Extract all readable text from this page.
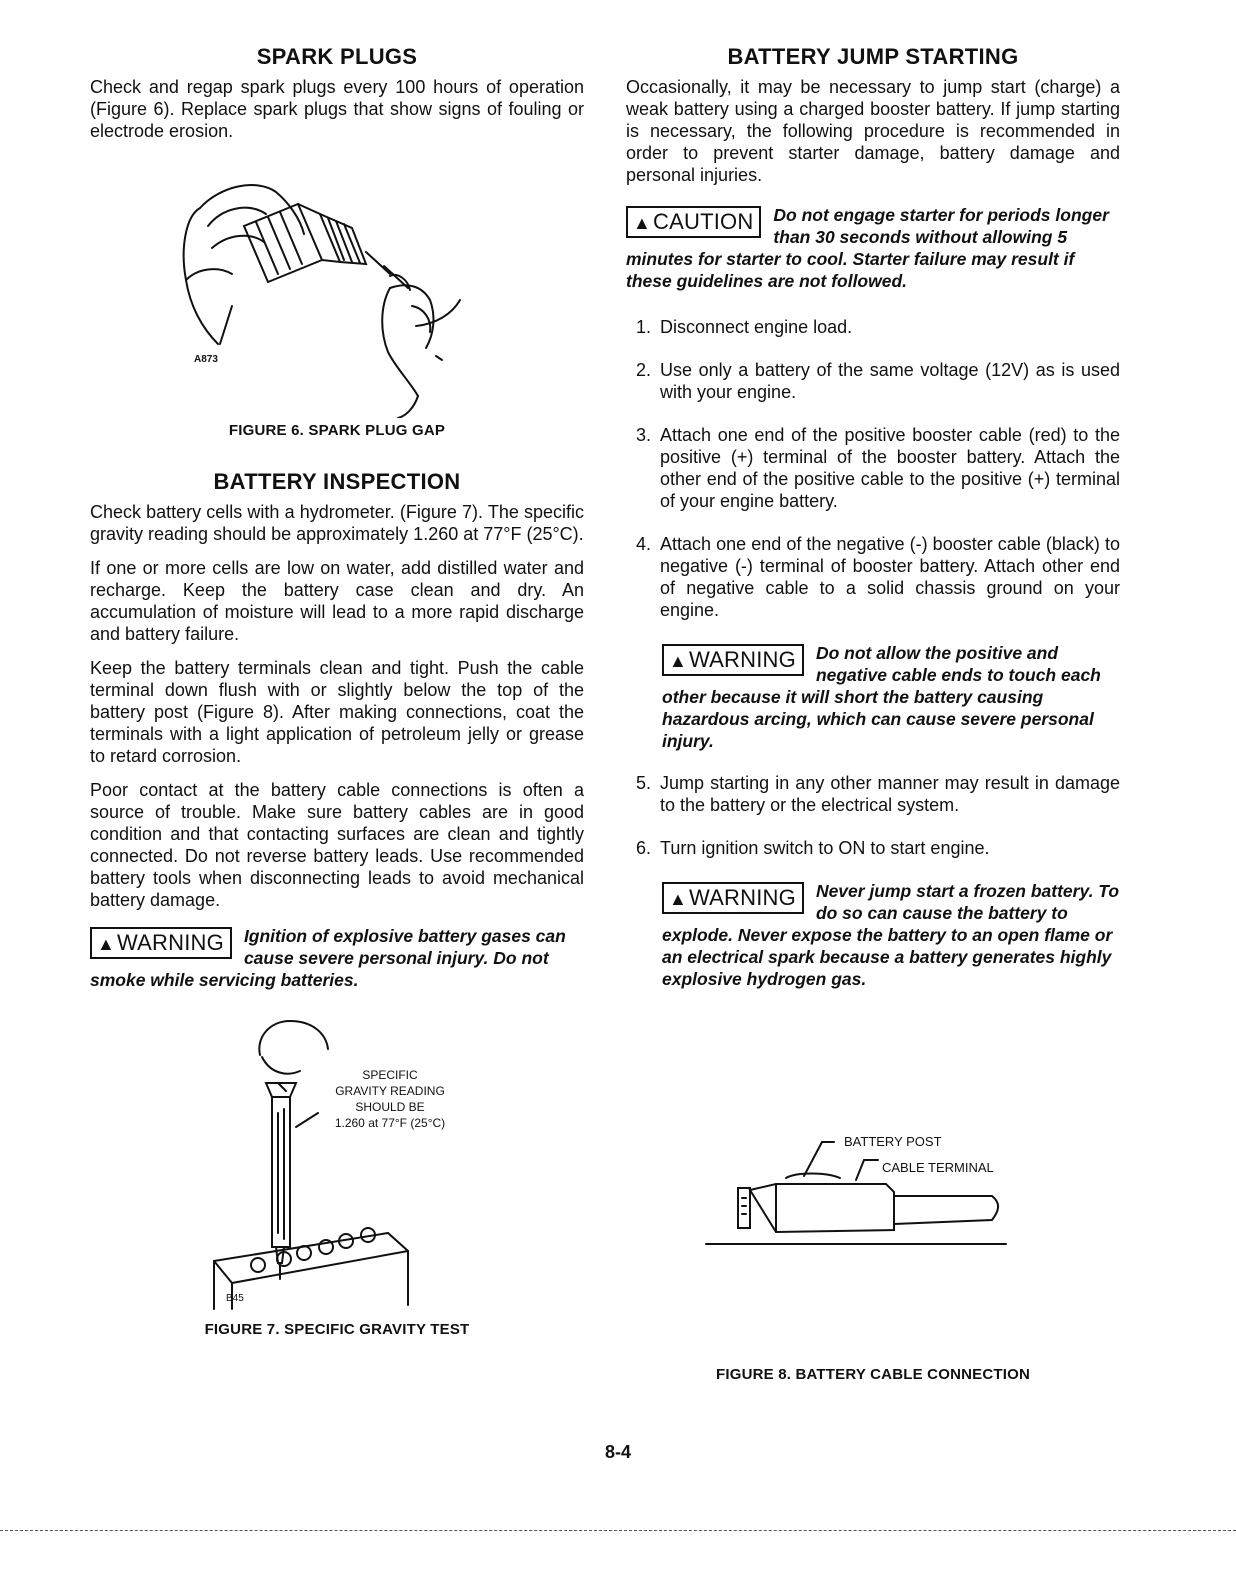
SPARK PLUGS

Check and regap spark plugs every 100 hours of operation (Figure 6). Replace spark plugs that show signs of fouling or electrode erosion.

A873
FIGURE 6. SPARK PLUG GAP
BATTERY INSPECTION

Check battery cells with a hydrometer. (Figure 7). The specific gravity reading should be approximately 1.260 at 77°F (25°C).

If one or more cells are low on water, add distilled water and recharge. Keep the battery case clean and dry. An accumulation of moisture will lead to a more rapid discharge and battery failure.

Keep the battery terminals clean and tight. Push the cable terminal down flush with or slightly below the top of the battery post (Figure 8). After making connections, coat the terminals with a light application of petroleum jelly or grease to retard corrosion.

Poor contact at the battery cable connections is often a source of trouble. Make sure battery cables are in good condition and that contacting surfaces are clean and tightly connected. Do not reverse battery leads. Use recommended battery tools when disconnecting leads to avoid mechanical battery damage.

▲WARNING	Ignition of explosive battery gases can cause severe personal injury. Do not smoke while servicing batteries.
SPECIFIC
GRAVITY READING
SHOULD BE
1.260 at 77°F (25°C)
B45
FIGURE 7. SPECIFIC GRAVITY TEST
BATTERY JUMP STARTING

Occasionally, it may be necessary to jump start (charge) a weak battery using a charged booster battery. If jump starting is necessary, the following procedure is recommended in order to prevent starter damage, battery damage and personal injuries.

▲CAUTION	Do not engage starter for periods longer than 30 seconds without allowing 5 minutes for starter to cool. Starter failure may result if these guidelines are not followed.
1. Disconnect engine load.
2. Use only a battery of the same voltage (12V) as is used with your engine.
3. Attach one end of the positive booster cable (red) to the positive (+) terminal of the booster battery. Attach the other end of the positive cable to the positive (+) terminal of your engine battery.
4. Attach one end of the negative (-) booster cable (black) to negative (-) terminal of booster battery. Attach other end of negative cable to a solid chassis ground on your engine.
▲WARNING	Do not allow the positive and negative cable ends to touch each other because it will short the battery causing hazardous arcing, which can cause severe personal injury.
5. Jump starting in any other manner may result in damage to the battery or the electrical system.
6. Turn ignition switch to ON to start engine.
▲WARNING	Never jump start a frozen battery. To do so can cause the battery to explode. Never expose the battery to an open flame or an electrical spark because a battery generates highly explosive hydrogen gas.
BATTERY POST
CABLE TERMINAL
FIGURE 8. BATTERY CABLE CONNECTION
8-4
